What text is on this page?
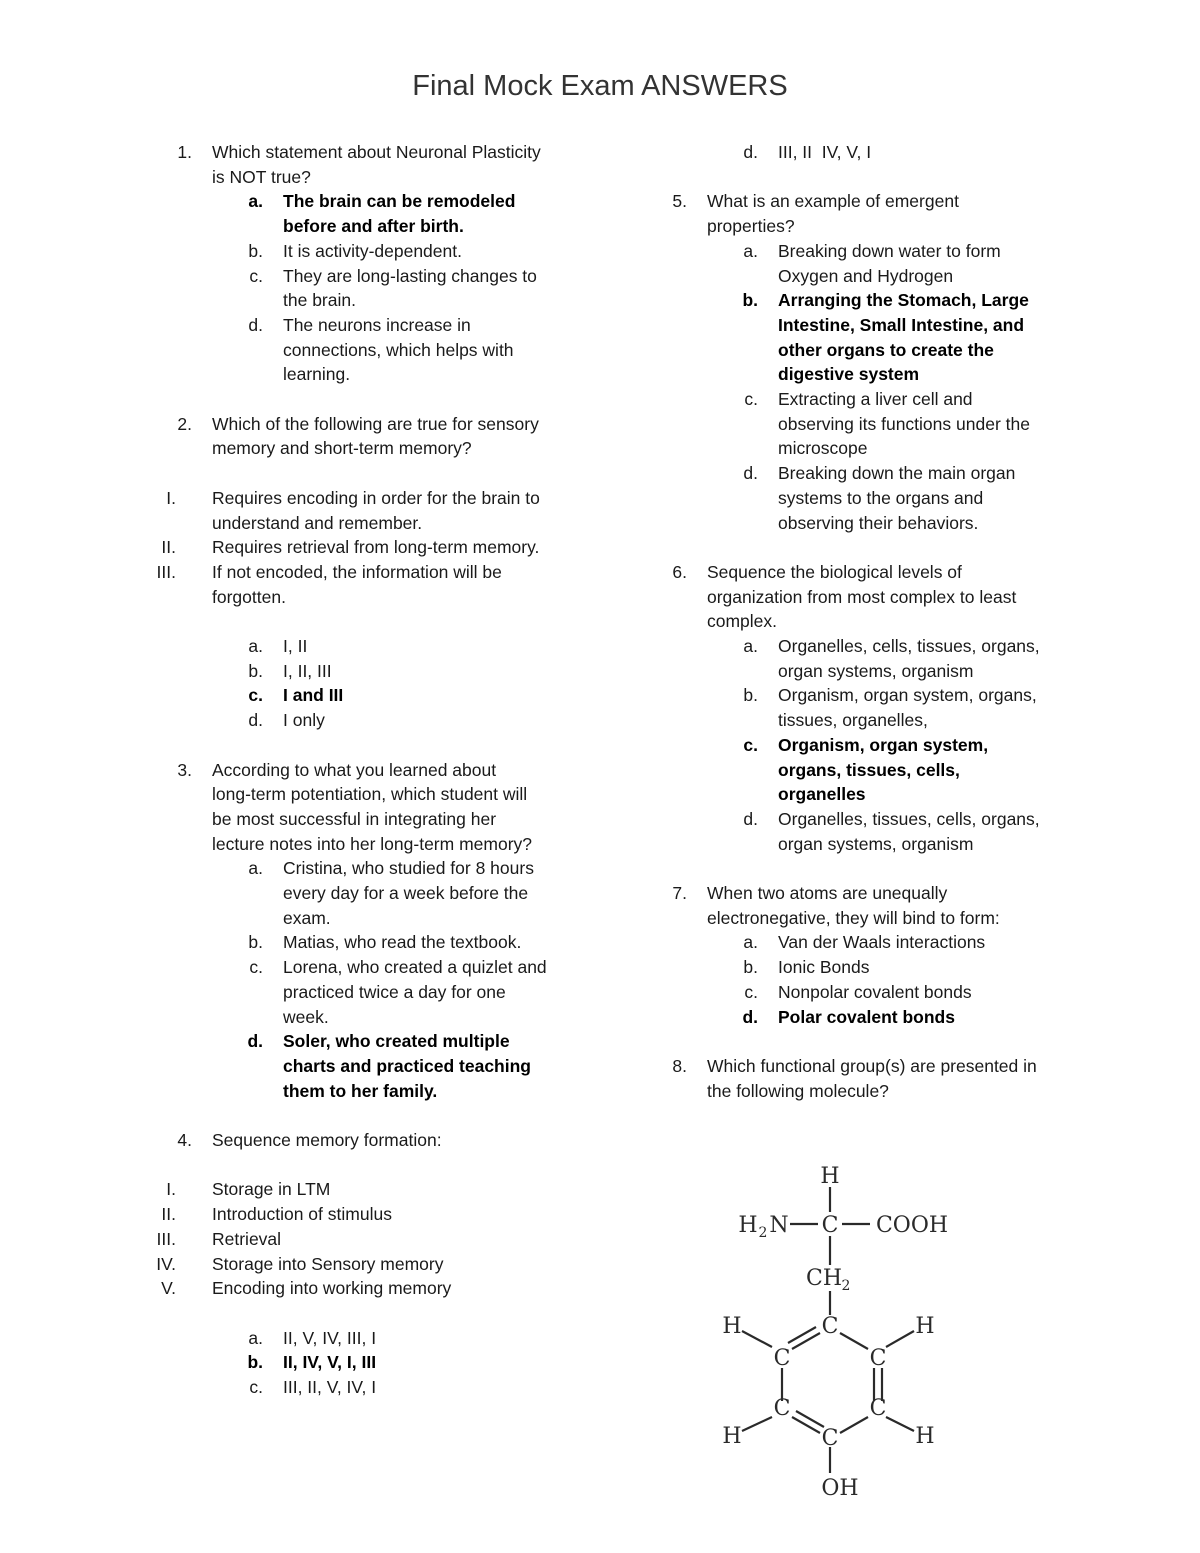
Final Mock Exam ANSWERS
1. Which statement about Neuronal Plasticity
is NOT true?
a. The brain can be remodeled
before and after birth.
b. It is activity-dependent.
c. They are long-lasting changes to
the brain.
d. The neurons increase in
connections, which helps with
learning.
2. Which of the following are true for sensory
memory and short-term memory?
I. Requires encoding in order for the brain to
understand and remember.
II. Requires retrieval from long-term memory.
III. If not encoded, the information will be
forgotten.
a. I, II
b. I, II, III
c. I and III
d. I only
3. According to what you learned about
long-term potentiation, which student will
be most successful in integrating her
lecture notes into her long-term memory?
a. Cristina, who studied for 8 hours
every day for a week before the
exam.
b. Matias, who read the textbook.
c. Lorena, who created a quizlet and
practiced twice a day for one
week.
d. Soler, who created multiple
charts and practiced teaching
them to her family.
4. Sequence memory formation:
I. Storage in LTM
II. Introduction of stimulus
III. Retrieval
IV. Storage into Sensory memory
V. Encoding into working memory
a. II, V, IV, III, I
b. II, IV, V, I, III
c. III, II, V, IV, I
d. III, II  IV, V, I
5. What is an example of emergent
properties?
a. Breaking down water to form
Oxygen and Hydrogen
b. Arranging the Stomach, Large
Intestine, Small Intestine, and
other organs to create the
digestive system
c. Extracting a liver cell and
observing its functions under the
microscope
d. Breaking down the main organ
systems to the organs and
observing their behaviors.
6. Sequence the biological levels of
organization from most complex to least
complex.
a. Organelles, cells, tissues, organs,
organ systems, organism
b. Organism, organ system, organs,
tissues, organelles,
c. Organism, organ system,
organs, tissues, cells,
organelles
d. Organelles, tissues, cells, organs,
organ systems, organism
7. When two atoms are unequally
electronegative, they will bind to form:
a. Van der Waals interactions
b. Ionic Bonds
c. Nonpolar covalent bonds
d. Polar covalent bonds
8. Which functional group(s) are presented in
the following molecule?
H
H 2 N C COOH
CH 2
C
C	C
C	C
C
H	H
H	H
OH
